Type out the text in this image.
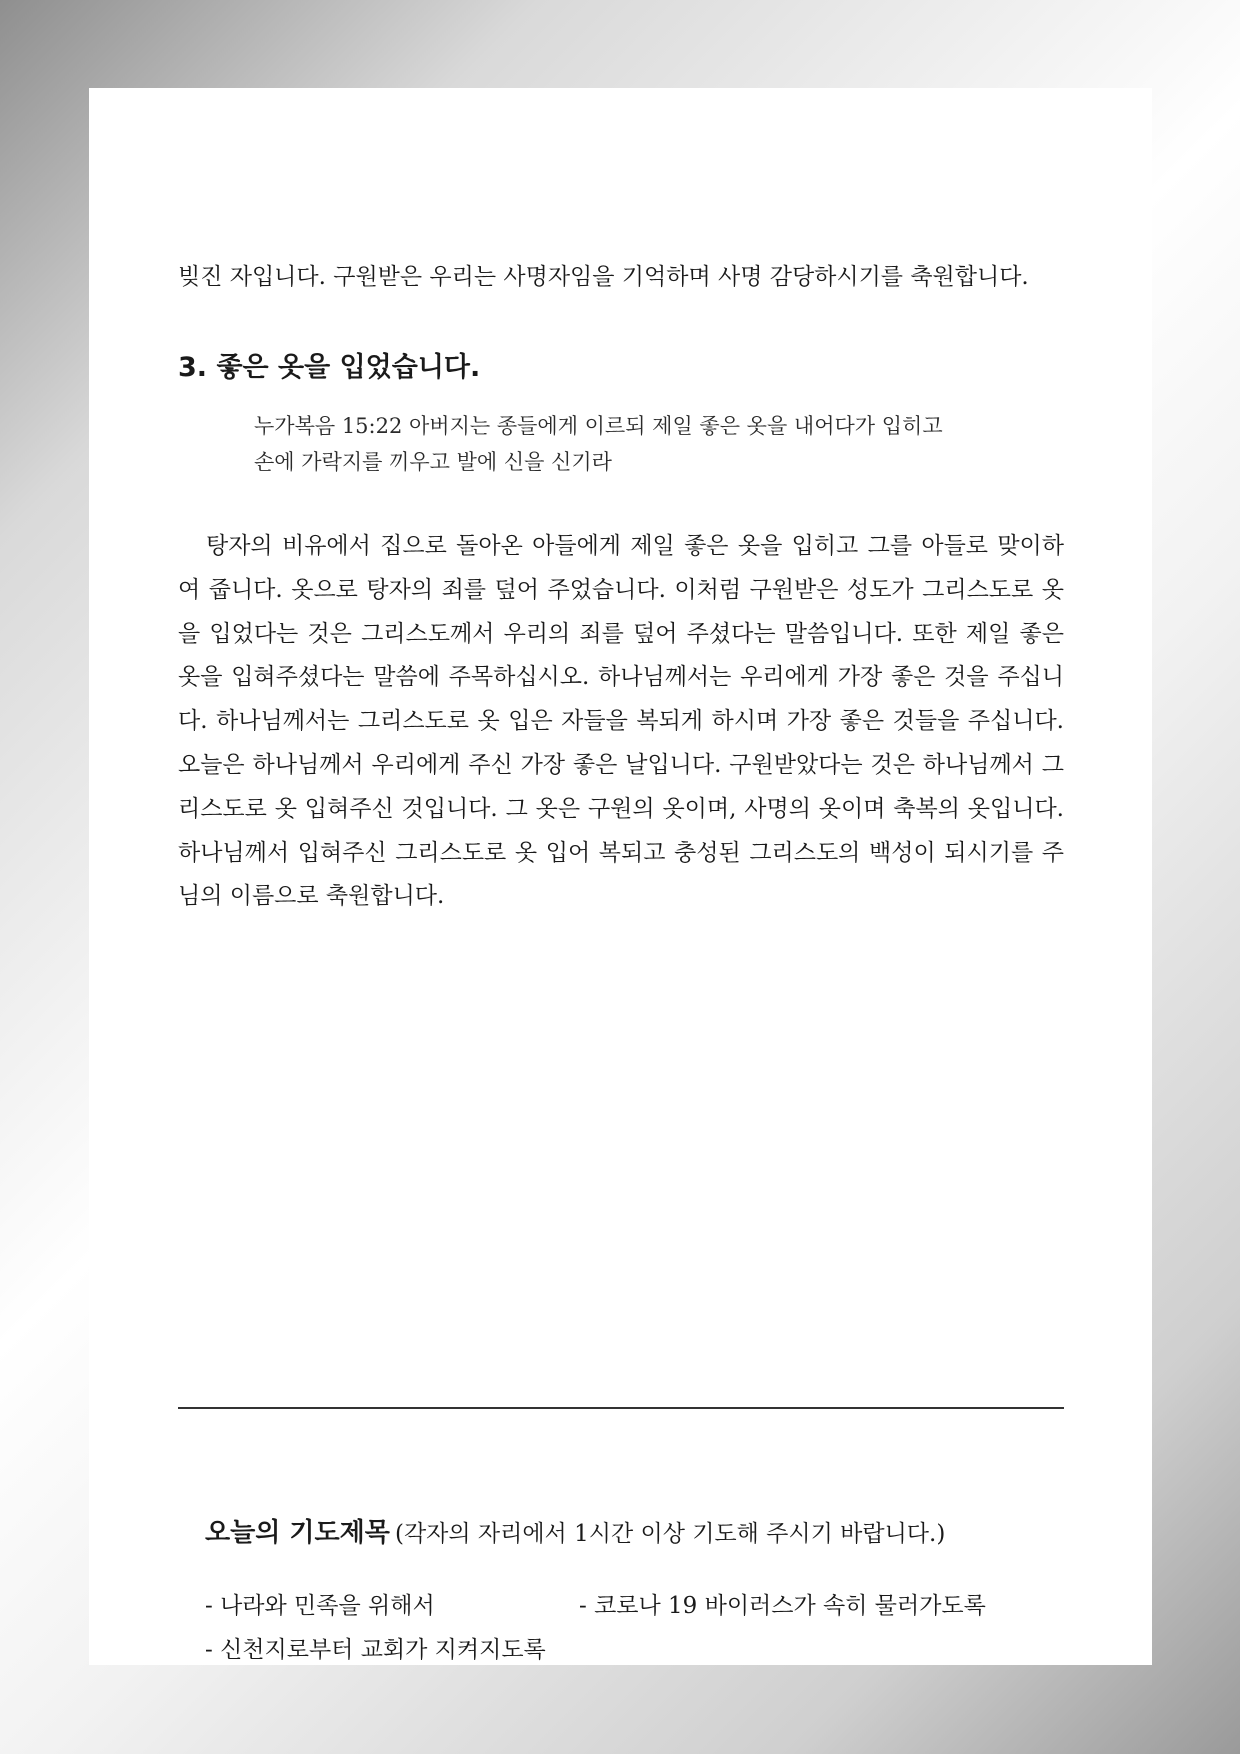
빚진 자입니다. 구원받은 우리는 사명자임을 기억하며 사명 감당하시기를 축원합니다.
3. 좋은 옷을 입었습니다.
누가복음 15:22 아버지는 종들에게 이르되 제일 좋은 옷을 내어다가 입히고
손에 가락지를 끼우고 발에 신을 신기라
탕자의 비유에서 집으로 돌아온 아들에게 제일 좋은 옷을 입히고 그를 아들로 맞이하여 줍니다. 옷으로 탕자의 죄를 덮어 주었습니다. 이처럼 구원받은 성도가 그리스도로 옷을 입었다는 것은 그리스도께서 우리의 죄를 덮어 주셨다는 말씀입니다. 또한 제일 좋은 옷을 입혀주셨다는 말씀에 주목하십시오. 하나님께서는 우리에게 가장 좋은 것을 주십니다. 하나님께서는 그리스도로 옷 입은 자들을 복되게 하시며 가장 좋은 것들을 주십니다. 오늘은 하나님께서 우리에게 주신 가장 좋은 날입니다. 구원받았다는 것은 하나님께서 그리스도로 옷 입혀주신 것입니다. 그 옷은 구원의 옷이며, 사명의 옷이며 축복의 옷입니다. 하나님께서 입혀주신 그리스도로 옷 입어 복되고 충성된 그리스도의 백성이 되시기를 주님의 이름으로 축원합니다.
오늘의 기도제목 (각자의 자리에서 1시간 이상 기도해 주시기 바랍니다.)
- 나라와 민족을 위해서	- 코로나 19 바이러스가 속히 물러가도록
- 신천지로부터 교회가 지켜지도록
